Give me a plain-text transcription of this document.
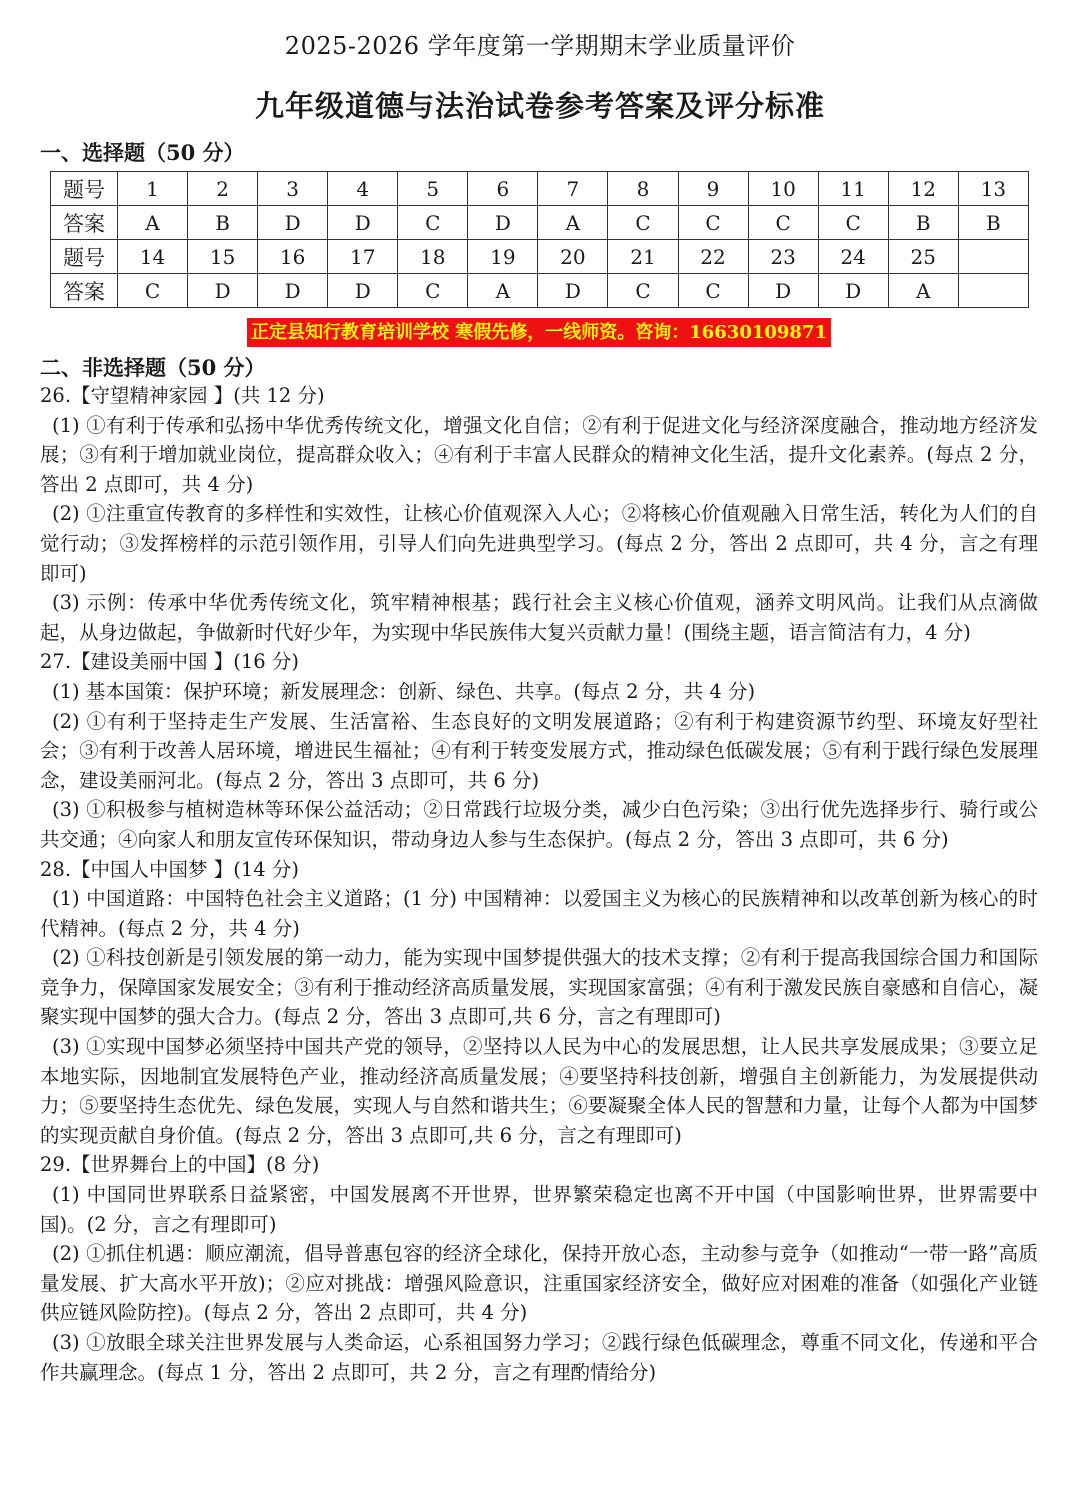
2025-2026 学年度第一学期期末学业质量评价
九年级道德与法治试卷参考答案及评分标准
一、选择题（50 分）
题号	1	2	3	4	5	6	7	8	9	10	11	12	13
答案	A	B	D	D	C	D	A	C	C	C	C	B	B
题号	14	15	16	17	18	19	20	21	22	23	24	25	
答案	C	D	D	D	C	A	D	C	C	D	D	A	
正定县知行教育培训学校 寒假先修，一线师资。咨询：16630109871
二、非选择题（50 分）
26.【守望精神家园 】(共 12 分)
(1) ①有利于传承和弘扬中华优秀传统文化，增强文化自信；②有利于促进文化与经济深度融合，推动地方经济发展；③有利于增加就业岗位，提高群众收入；④有利于丰富人民群众的精神文化生活，提升文化素养。(每点 2 分，答出 2 点即可，共 4 分)
(2) ①注重宣传教育的多样性和实效性，让核心价值观深入人心；②将核心价值观融入日常生活，转化为人们的自觉行动；③发挥榜样的示范引领作用，引导人们向先进典型学习。(每点 2 分，答出 2 点即可，共 4 分，言之有理即可)
(3) 示例：传承中华优秀传统文化，筑牢精神根基；践行社会主义核心价值观，涵养文明风尚。让我们从点滴做起，从身边做起，争做新时代好少年，为实现中华民族伟大复兴贡献力量！(围绕主题，语言简洁有力，4 分)
27.【建设美丽中国 】(16 分)
(1) 基本国策：保护环境；新发展理念：创新、绿色、共享。(每点 2 分，共 4 分)
(2) ①有利于坚持走生产发展、生活富裕、生态良好的文明发展道路；②有利于构建资源节约型、环境友好型社会；③有利于改善人居环境，增进民生福祉；④有利于转变发展方式，推动绿色低碳发展；⑤有利于践行绿色发展理念，建设美丽河北。(每点 2 分，答出 3 点即可，共 6 分)
(3) ①积极参与植树造林等环保公益活动；②日常践行垃圾分类，减少白色污染；③出行优先选择步行、骑行或公共交通；④向家人和朋友宣传环保知识，带动身边人参与生态保护。(每点 2 分，答出 3 点即可，共 6 分)
28.【中国人中国梦 】(14 分)
(1) 中国道路：中国特色社会主义道路；(1 分) 中国精神：以爱国主义为核心的民族精神和以改革创新为核心的时代精神。(每点 2 分，共 4 分)
(2) ①科技创新是引领发展的第一动力，能为实现中国梦提供强大的技术支撑；②有利于提高我国综合国力和国际竞争力，保障国家发展安全；③有利于推动经济高质量发展，实现国家富强；④有利于激发民族自豪感和自信心，凝聚实现中国梦的强大合力。(每点 2 分，答出 3 点即可,共 6 分，言之有理即可)
(3) ①实现中国梦必须坚持中国共产党的领导，②坚持以人民为中心的发展思想，让人民共享发展成果；③要立足本地实际，因地制宜发展特色产业，推动经济高质量发展；④要坚持科技创新，增强自主创新能力，为发展提供动力；⑤要坚持生态优先、绿色发展，实现人与自然和谐共生；⑥要凝聚全体人民的智慧和力量，让每个人都为中国梦的实现贡献自身价值。(每点 2 分，答出 3 点即可,共 6 分，言之有理即可)
29.【世界舞台上的中国】(8 分)
(1) 中国同世界联系日益紧密，中国发展离不开世界，世界繁荣稳定也离不开中国（中国影响世界，世界需要中国)。(2 分，言之有理即可)
(2) ①抓住机遇：顺应潮流，倡导普惠包容的经济全球化，保持开放心态，主动参与竞争（如推动“一带一路”高质量发展、扩大高水平开放)；②应对挑战：增强风险意识，注重国家经济安全，做好应对困难的准备（如强化产业链供应链风险防控)。(每点 2 分，答出 2 点即可，共 4 分)
(3) ①放眼全球关注世界发展与人类命运，心系祖国努力学习；②践行绿色低碳理念，尊重不同文化，传递和平合作共赢理念。(每点 1 分，答出 2 点即可，共 2 分，言之有理酌情给分)
